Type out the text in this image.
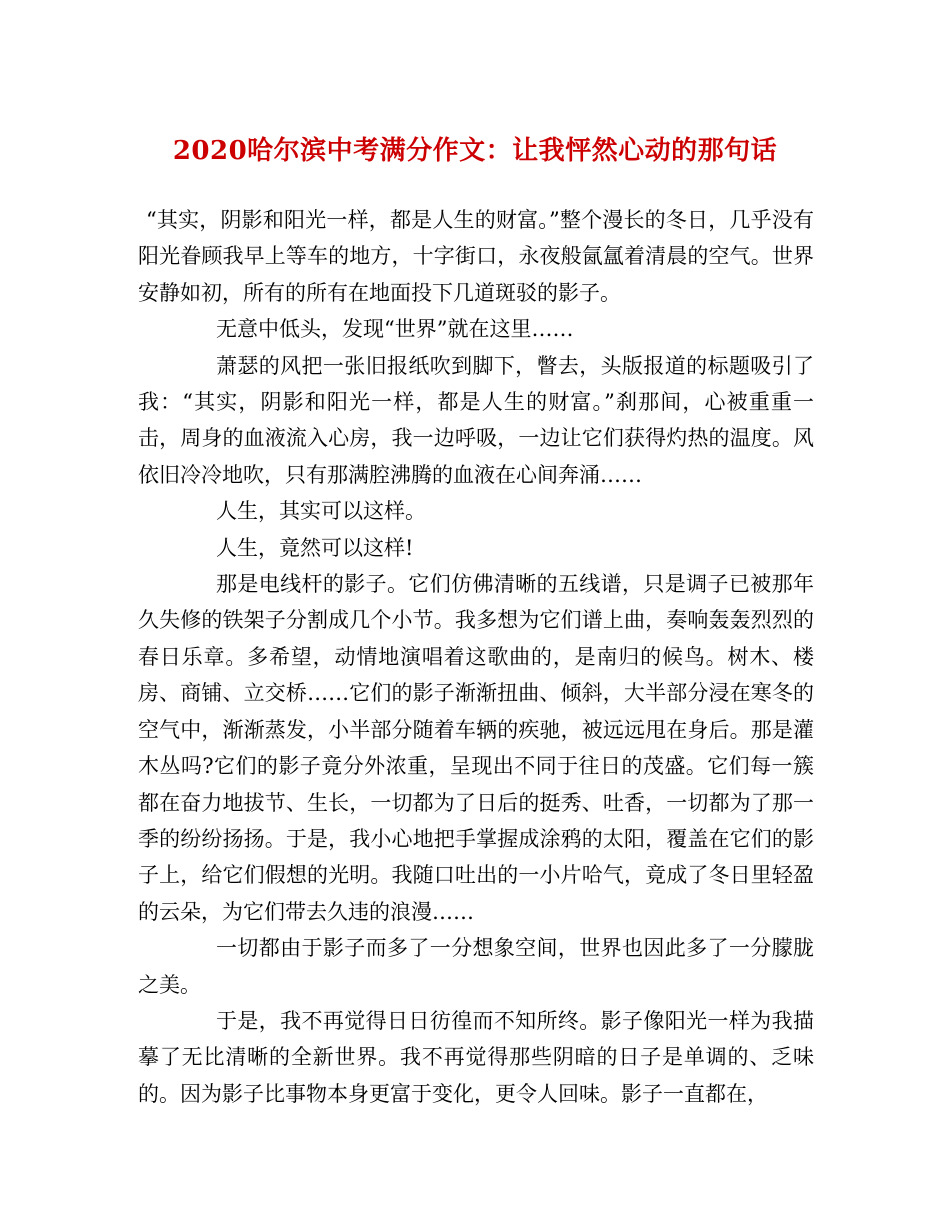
2020哈尔滨中考满分作文：让我怦然心动的那句话

“其实，阴影和阳光一样，都是人生的财富。”整个漫长的冬日，几乎没有阳光眷顾我早上等车的地方，十字街口，永夜般氤氲着清晨的空气。世界安静如初，所有的所有在地面投下几道斑驳的影子。

无意中低头，发现“世界”就在这里……

萧瑟的风把一张旧报纸吹到脚下，瞥去，头版报道的标题吸引了我：“其实，阴影和阳光一样，都是人生的财富。”刹那间，心被重重一击，周身的血液流入心房，我一边呼吸，一边让它们获得灼热的温度。风依旧冷冷地吹，只有那满腔沸腾的血液在心间奔涌……

人生，其实可以这样。

人生，竟然可以这样!

那是电线杆的影子。它们仿佛清晰的五线谱，只是调子已被那年久失修的铁架子分割成几个小节。我多想为它们谱上曲，奏响轰轰烈烈的春日乐章。多希望，动情地演唱着这歌曲的，是南归的候鸟。树木、楼房、商铺、立交桥……它们的影子渐渐扭曲、倾斜，大半部分浸在寒冬的空气中，渐渐蒸发，小半部分随着车辆的疾驰，被远远甩在身后。那是灌木丛吗?它们的影子竟分外浓重，呈现出不同于往日的茂盛。它们每一簇都在奋力地拔节、生长，一切都为了日后的挺秀、吐香，一切都为了那一季的纷纷扬扬。于是，我小心地把手掌握成涂鸦的太阳，覆盖在它们的影子上，给它们假想的光明。我随口吐出的一小片哈气，竟成了冬日里轻盈的云朵，为它们带去久违的浪漫……

一切都由于影子而多了一分想象空间，世界也因此多了一分朦胧之美。

于是，我不再觉得日日彷徨而不知所终。影子像阳光一样为我描摹了无比清晰的全新世界。我不再觉得那些阴暗的日子是单调的、乏味的。因为影子比事物本身更富于变化，更令人回味。影子一直都在，
